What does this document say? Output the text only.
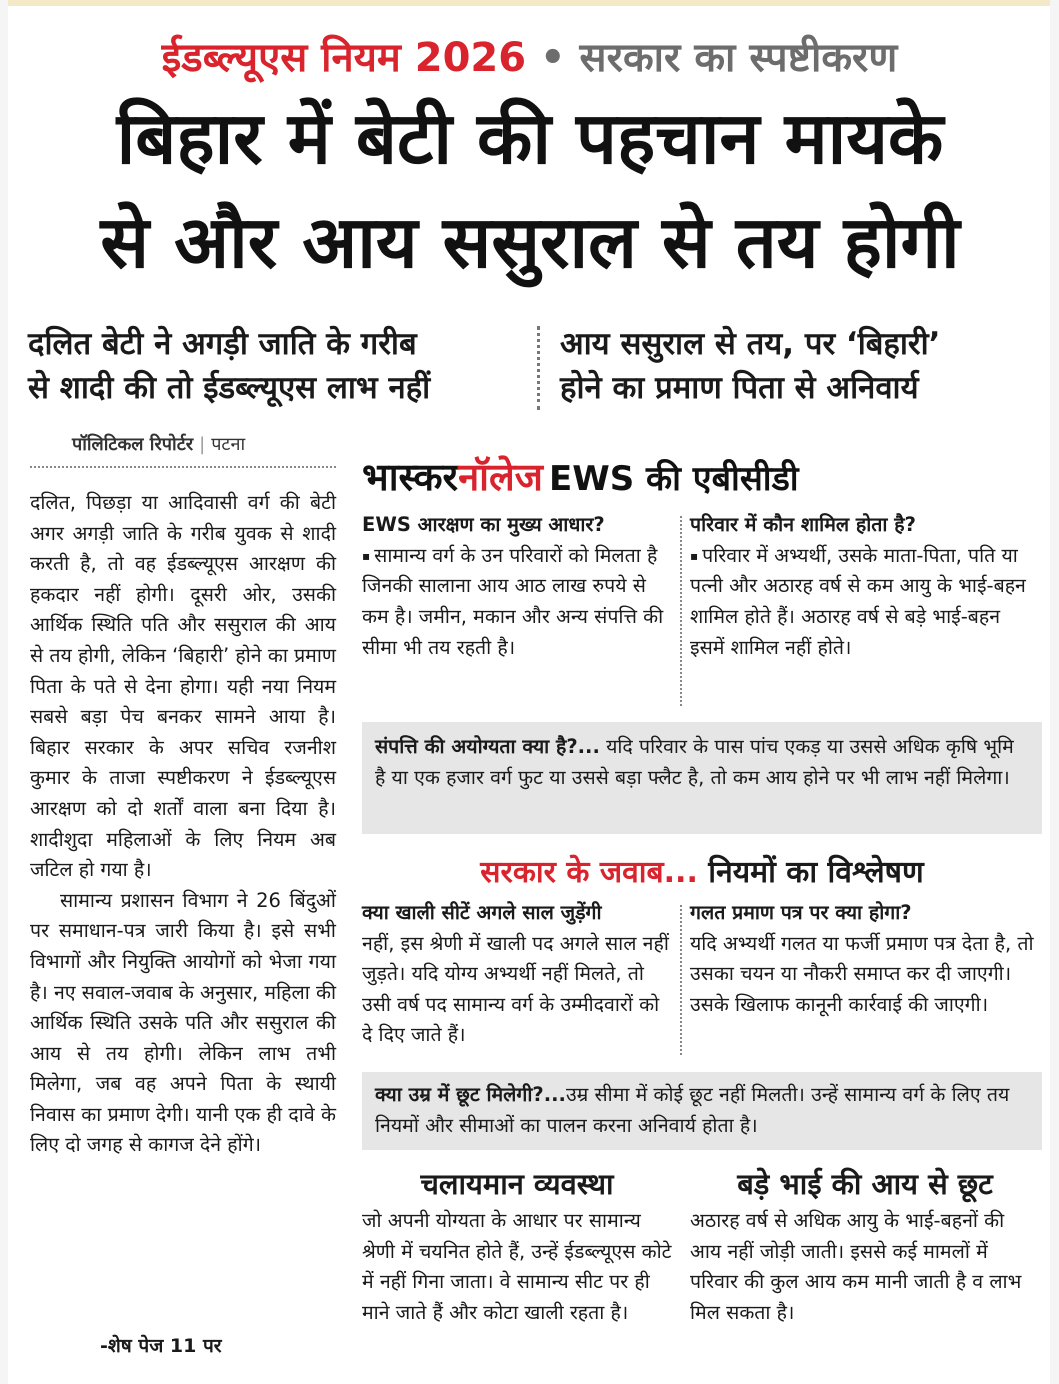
ईडब्ल्यूएस नियम 2026 • सरकार का स्पष्टीकरण
बिहार में बेटी की पहचान मायके
से और आय ससुराल से तय होगी
दलित बेटी ने अगड़ी जाति के गरीब
से शादी की तो ईडब्ल्यूएस लाभ नहीं
आय ससुराल से तय, पर ‘बिहारी’
होने का प्रमाण पिता से अनिवार्य
पॉलिटिकल रिपोर्टर | पटना

दलित, पिछड़ा या आदिवासी वर्ग की बेटी अगर अगड़ी जाति के गरीब युवक से शादी करती है, तो वह ईडब्ल्यूएस आरक्षण की हकदार नहीं होगी। दूसरी ओर, उसकी आर्थिक स्थिति पति और ससुराल की आय से तय होगी, लेकिन ‘बिहारी’ होने का प्रमाण पिता के पते से देना होगा। यही नया नियम सबसे बड़ा पेच बनकर सामने आया है। बिहार सरकार के अपर सचिव रजनीश कुमार के ताजा स्पष्टीकरण ने ईडब्ल्यूएस आरक्षण को दो शर्तों वाला बना दिया है। शादीशुदा महिलाओं के लिए नियम अब जटिल हो गया है।

सामान्य प्रशासन विभाग ने 26 बिंदुओं पर समाधान-पत्र जारी किया है। इसे सभी विभागों और नियुक्ति आयोगों को भेजा गया है। नए सवाल-जवाब के अनुसार, महिला की आर्थिक स्थिति उसके पति और ससुराल की आय से तय होगी। लेकिन लाभ तभी मिलेगा, जब वह अपने पिता के स्थायी निवास का प्रमाण देगी। यानी एक ही दावे के लिए दो जगह से कागज देने होंगे।

-शेष पेज 11 पर
भास्करनॉलेज EWS की एबीसीडी
EWS आरक्षण का मुख्य आधार?
▪ सामान्य वर्ग के उन परिवारों को मिलता है जिनकी सालाना आय आठ लाख रुपये से कम है। जमीन, मकान और अन्य संपत्ति की सीमा भी तय रहती है।
परिवार में कौन शामिल होता है?
▪ परिवार में अभ्यर्थी, उसके माता-पिता, पति या पत्नी और अठारह वर्ष से कम आयु के भाई-बहन शामिल होते हैं। अठारह वर्ष से बड़े भाई-बहन इसमें शामिल नहीं होते।
संपत्ति की अयोग्यता क्या है?... यदि परिवार के पास पांच एकड़ या उससे अधिक कृषि भूमि है या एक हजार वर्ग फुट या उससे बड़ा फ्लैट है, तो कम आय होने पर भी लाभ नहीं मिलेगा।
सरकार के जवाब... नियमों का विश्लेषण
क्या खाली सीटें अगले साल जुड़ेंगी
नहीं, इस श्रेणी में खाली पद अगले साल नहीं जुड़ते। यदि योग्य अभ्यर्थी नहीं मिलते, तो उसी वर्ष पद सामान्य वर्ग के उम्मीदवारों को दे दिए जाते हैं।
गलत प्रमाण पत्र पर क्या होगा?
यदि अभ्यर्थी गलत या फर्जी प्रमाण पत्र देता है, तो उसका चयन या नौकरी समाप्त कर दी जाएगी। उसके खिलाफ कानूनी कार्रवाई की जाएगी।
क्या उम्र में छूट मिलेगी?...उम्र सीमा में कोई छूट नहीं मिलती। उन्हें सामान्य वर्ग के लिए तय नियमों और सीमाओं का पालन करना अनिवार्य होता है।
चलायमान व्यवस्था
जो अपनी योग्यता के आधार पर सामान्य श्रेणी में चयनित होते हैं, उन्हें ईडब्ल्यूएस कोटे में नहीं गिना जाता। वे सामान्य सीट पर ही माने जाते हैं और कोटा खाली रहता है।
बड़े भाई की आय से छूट
अठारह वर्ष से अधिक आयु के भाई-बहनों की आय नहीं जोड़ी जाती। इससे कई मामलों में परिवार की कुल आय कम मानी जाती है व लाभ मिल सकता है।
